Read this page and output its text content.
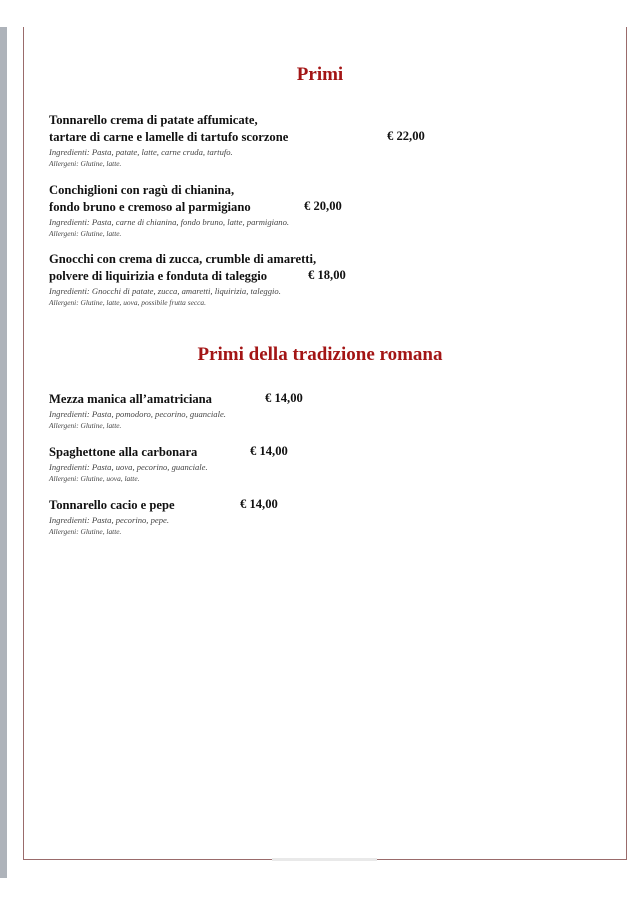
Primi
Tonnarello crema di patate affumicate,
tartare di carne e lamelle di tartufo scorzone
Ingredienti: Pasta, patate, latte, carne cruda, tartufo.
Allergeni: Glutine, latte.
€ 22,00
Conchiglioni con ragù di chianina,
fondo bruno e cremoso al parmigiano
Ingredienti: Pasta, carne di chianina, fondo bruno, latte, parmigiano.
Allergeni: Glutine, latte.
€ 20,00
Gnocchi con crema di zucca, crumble di amaretti,
polvere di liquirizia e fonduta di taleggio
Ingredienti: Gnocchi di patate, zucca, amaretti, liquirizia, taleggio.
Allergeni: Glutine, latte, uova, possibile frutta secca.
€ 18,00
Primi della tradizione romana
Mezza manica all’amatriciana
Ingredienti: Pasta, pomodoro, pecorino, guanciale.
Allergeni: Glutine, latte.
€ 14,00
Spaghettone alla carbonara
Ingredienti: Pasta, uova, pecorino, guanciale.
Allergeni: Glutine, uova, latte.
€ 14,00
Tonnarello cacio e pepe
Ingredienti: Pasta, pecorino, pepe.
Allergeni: Glutine, latte.
€ 14,00
